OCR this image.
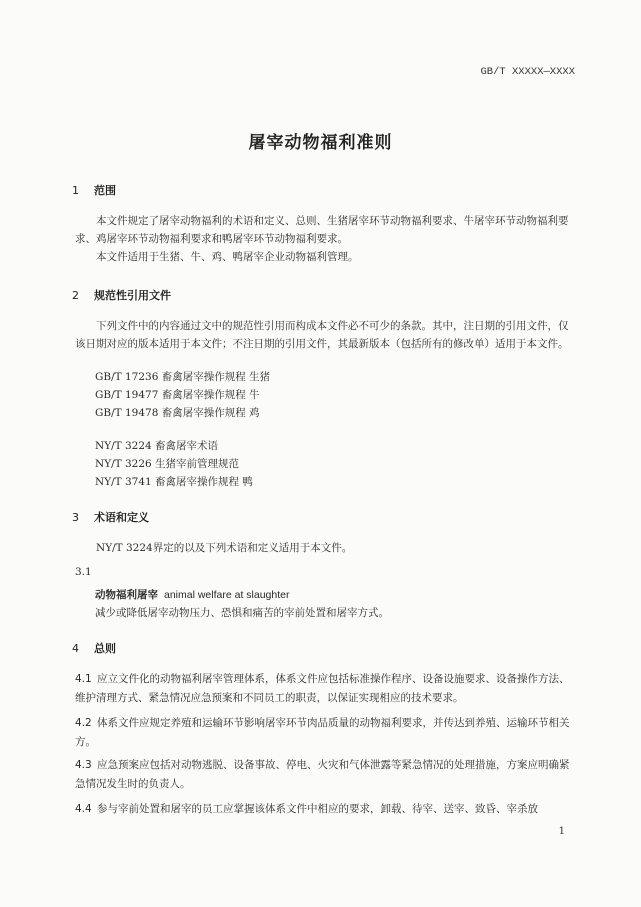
GB/T XXXXX—XXXX
屠宰动物福利准则
1 范围
本文件规定了屠宰动物福利的术语和定义、总则、生猪屠宰环节动物福利要求、牛屠宰环节动物福利要求、鸡屠宰环节动物福利要求和鸭屠宰环节动物福利要求。
本文件适用于生猪、牛、鸡、鸭屠宰企业动物福利管理。
2 规范性引用文件
下列文件中的内容通过文中的规范性引用而构成本文件必不可少的条款。其中，注日期的引用文件，仅该日期对应的版本适用于本文件；不注日期的引用文件，其最新版本（包括所有的修改单）适用于本文件。
GB/T 17236 畜禽屠宰操作规程 生猪
GB/T 19477 畜禽屠宰操作规程 牛
GB/T 19478 畜禽屠宰操作规程 鸡
NY/T 3224 畜禽屠宰术语
NY/T 3226 生猪宰前管理规范
NY/T 3741 畜禽屠宰操作规程 鸭
3 术语和定义
NY/T 3224界定的以及下列术语和定义适用于本文件。
3.1
动物福利屠宰 animal welfare at slaughter
减少或降低屠宰动物压力、恐惧和痛苦的宰前处置和屠宰方式。
4 总则
4.1 应立文件化的动物福利屠宰管理体系，体系文件应包括标准操作程序、设备设施要求、设备操作方法、维护清理方式、紧急情况应急预案和不同员工的职责，以保证实现相应的技术要求。
4.2 体系文件应规定养殖和运输环节影响屠宰环节肉品质量的动物福利要求，并传达到养殖、运输环节相关方。
4.3 应急预案应包括对动物逃脱、设备事故、停电、火灾和气体泄露等紧急情况的处理措施，方案应明确紧急情况发生时的负责人。
4.4 参与宰前处置和屠宰的员工应掌握该体系文件中相应的要求，卸载、待宰、送宰、致昏、宰杀放
1
